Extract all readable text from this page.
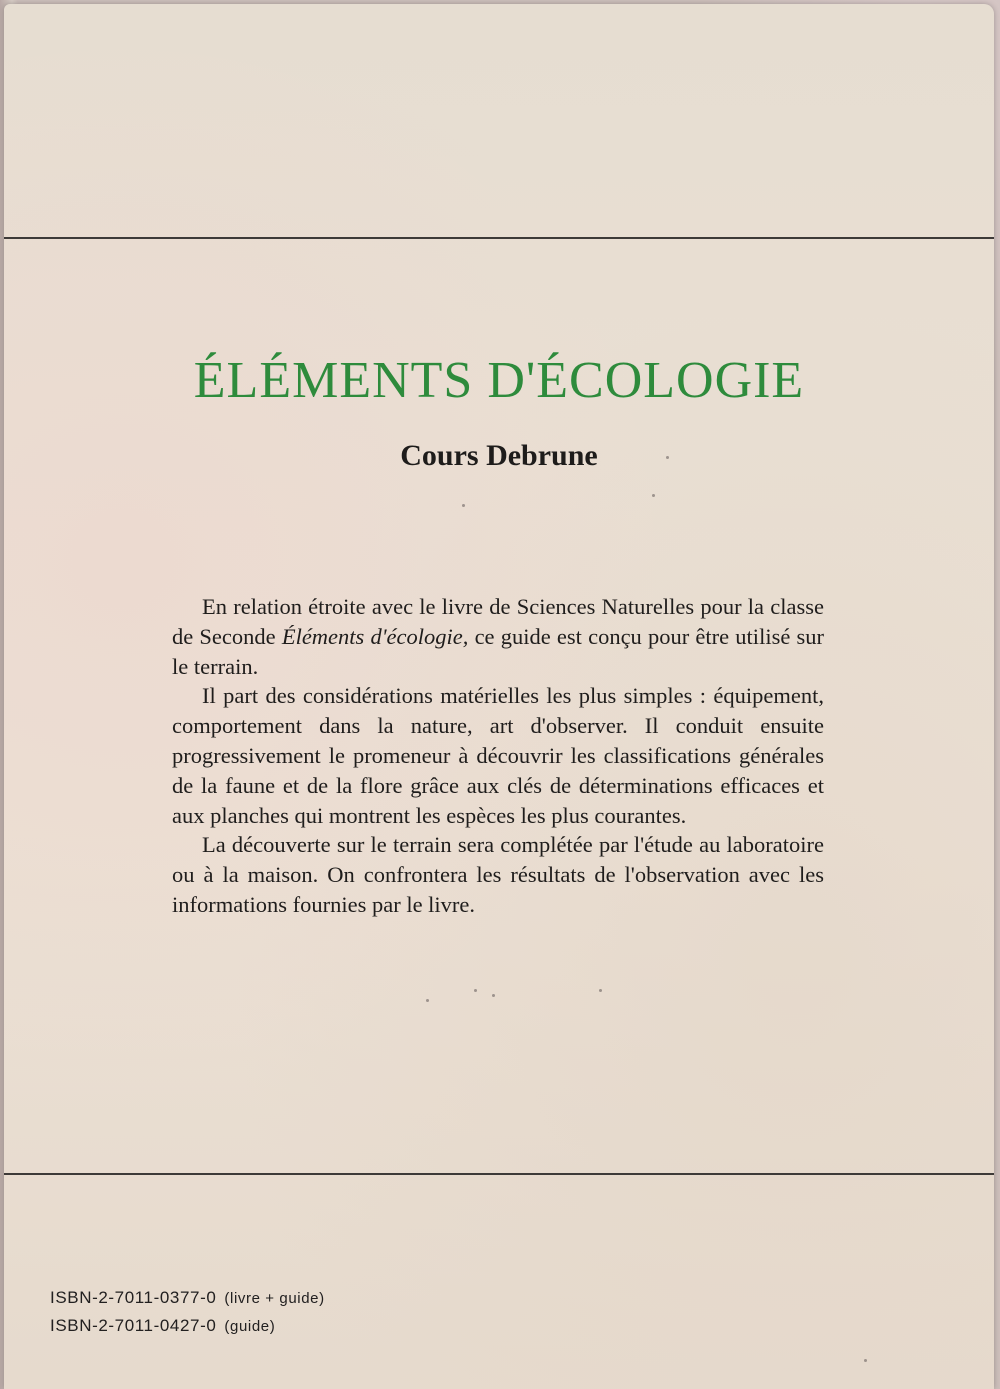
ÉLÉMENTS D'ÉCOLOGIE
Cours Debrune

En relation étroite avec le livre de Sciences Naturelles pour la classe de Seconde Éléments d'écologie, ce guide est conçu pour être utilisé sur le terrain.

Il part des considérations matérielles les plus simples : équipement, comportement dans la nature, art d'observer. Il conduit ensuite progressivement le promeneur à découvrir les classifications générales de la faune et de la flore grâce aux clés de déterminations efficaces et aux planches qui montrent les espèces les plus courantes.

La découverte sur le terrain sera complétée par l'étude au laboratoire ou à la maison. On confrontera les résultats de l'observation avec les informations fournies par le livre.

ISBN-2-7011-0377-0 (livre + guide)
ISBN-2-7011-0427-0 (guide)
